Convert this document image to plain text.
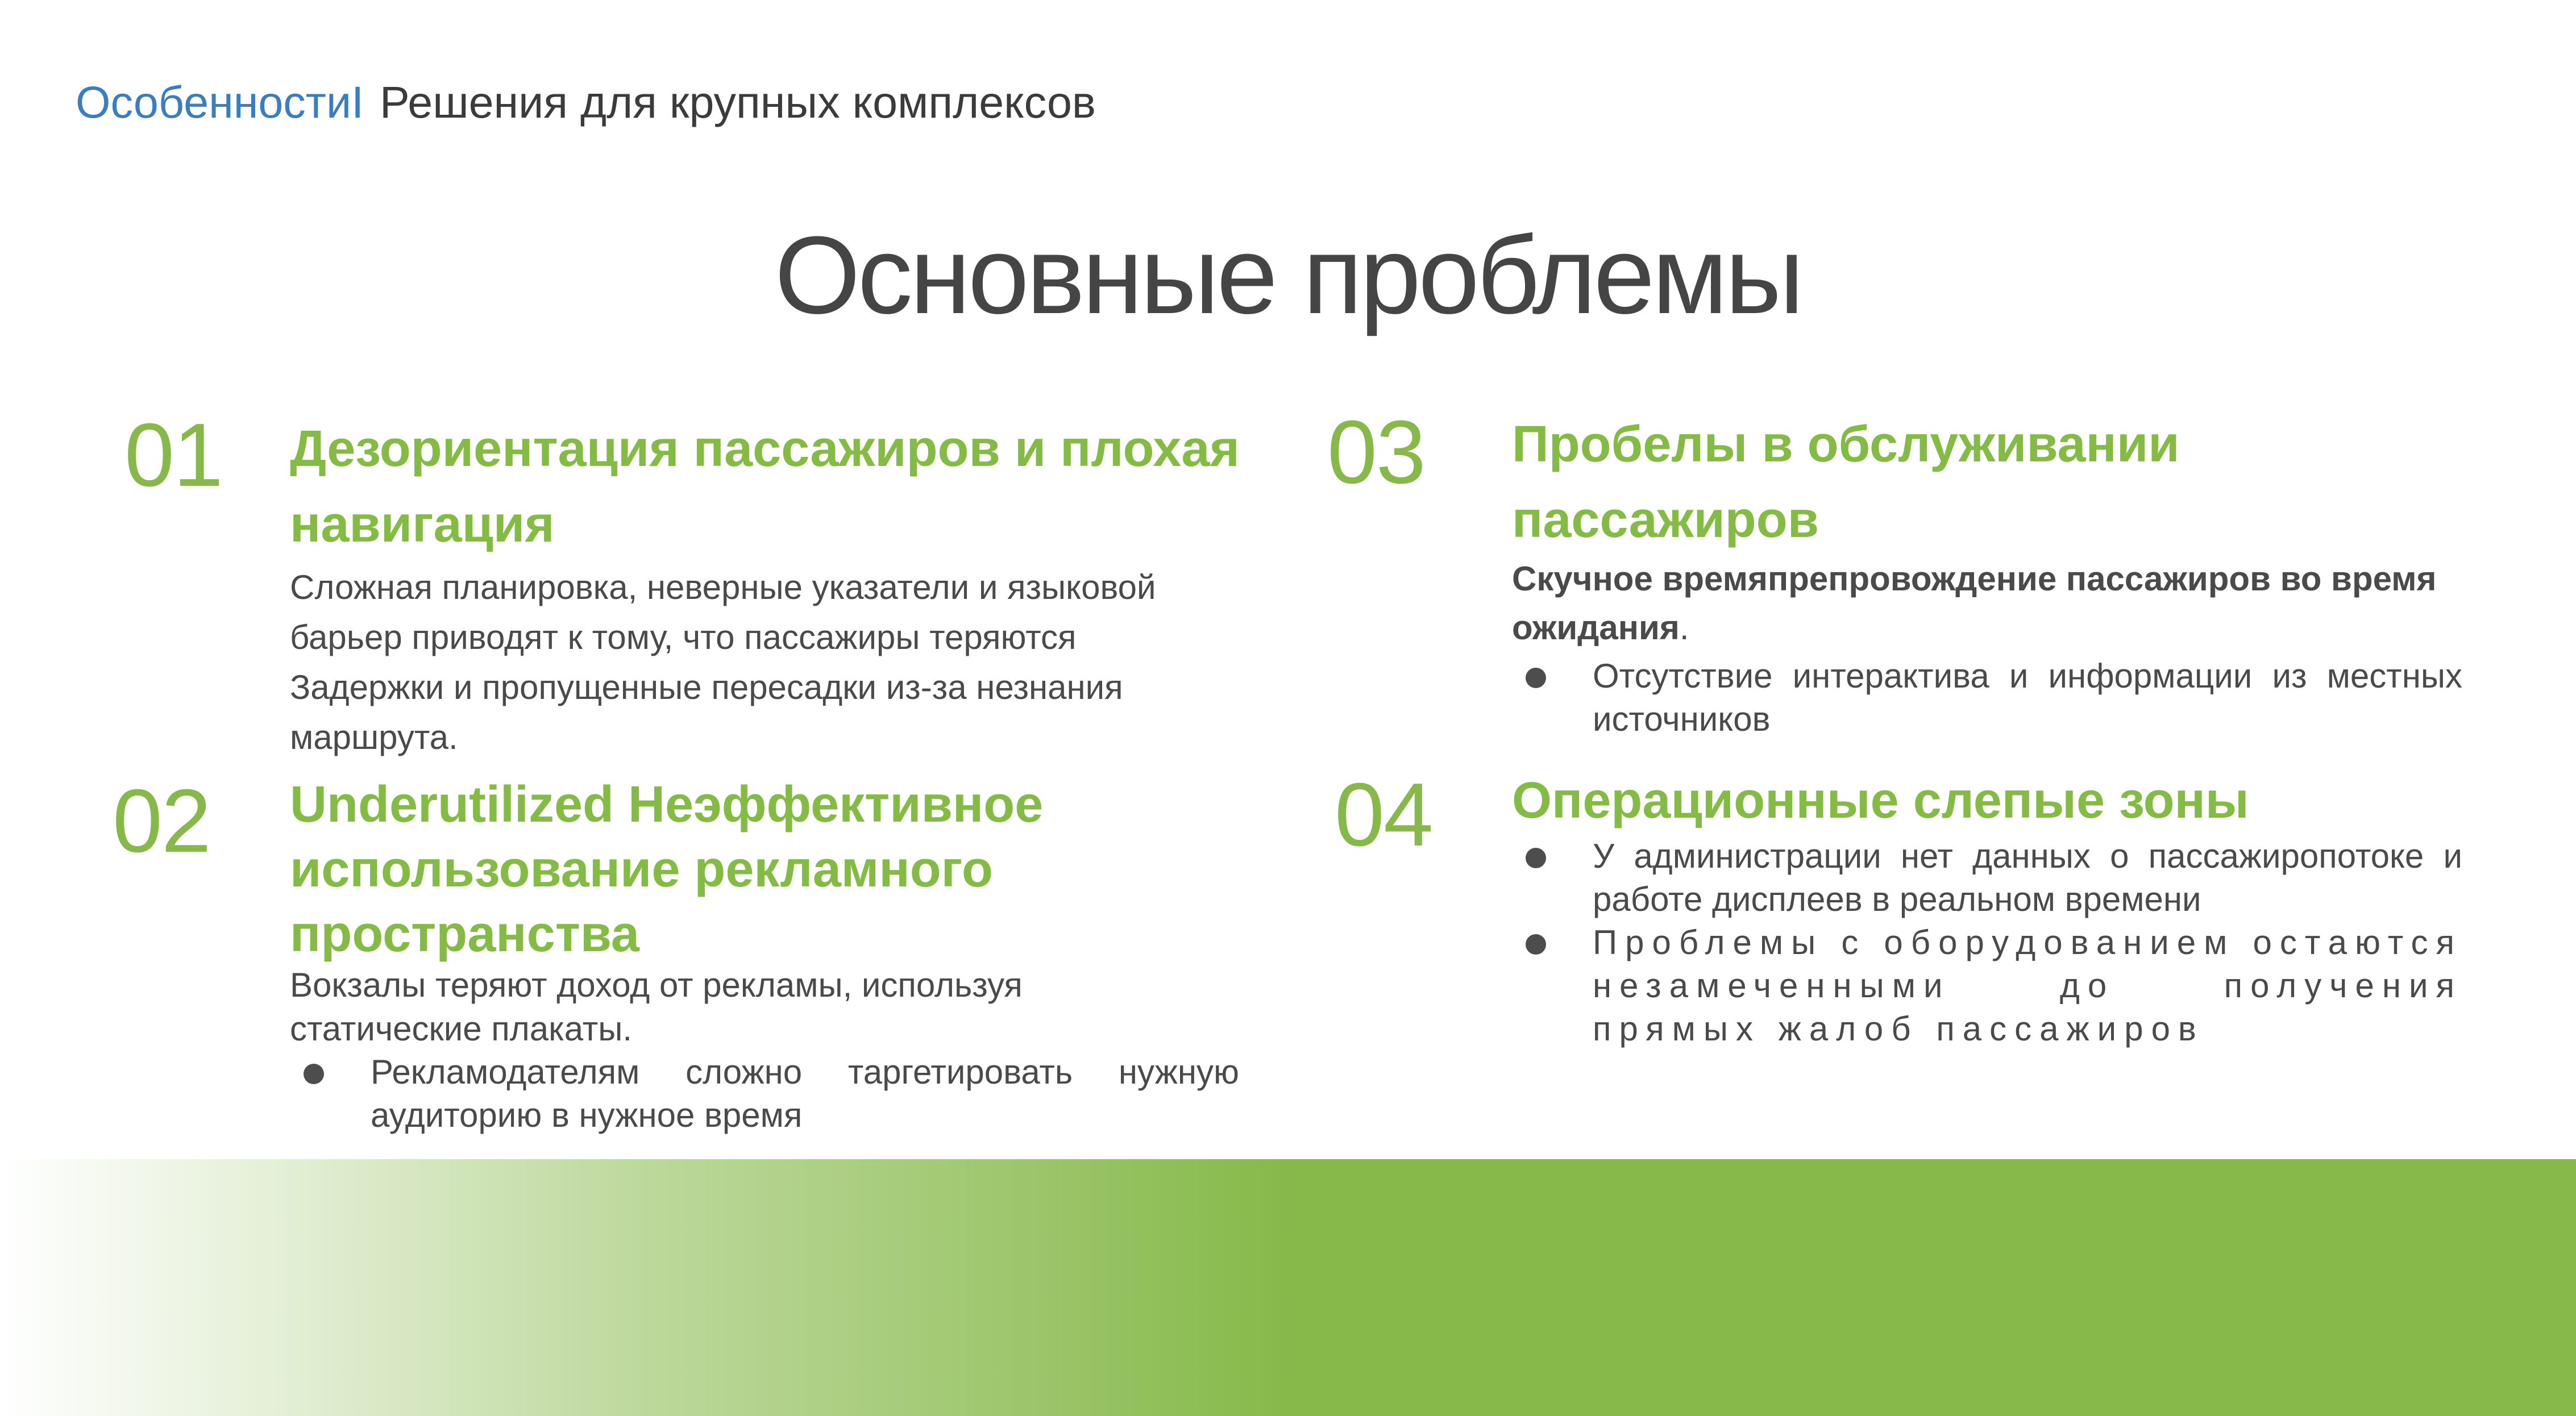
ОсобенностиI Решения для крупных комплексов
Основные проблемы
01 Дезориентация пассажиров и плохая
навигация

Сложная планировка, неверные указатели и языковой
барьер приводят к тому, что пассажиры теряются
Задержки и пропущенные пересадки из-за незнания
маршрута.

02 Underutilized Неэффективное
использование рекламного
пространства

Вокзалы теряют доход от рекламы, используя
статические плакаты.

Рекламодателям сложно таргетировать нужную аудиторию в нужное время
03 Пробелы в обслуживании
пассажиров

Скучное времяпрепровождение пассажиров во время
ожидания.

Отсутствие интерактива и информации из местных источников
04 Операционные слепые зоны

У администрации нет данных о пассажиропотоке и работе дисплеев в реальном времени
Проблемы с оборудованием остаются незамеченными до получения прямых жалоб пассажиров
